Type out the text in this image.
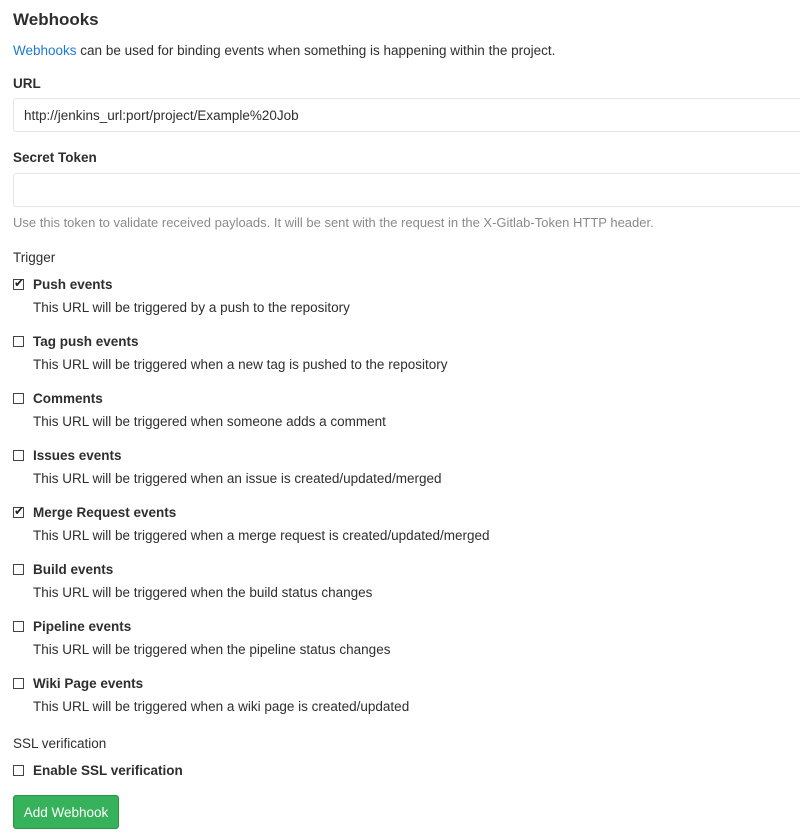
Webhooks
Webhooks can be used for binding events when something is happening within the project.
URL
http://jenkins_url:port/project/Example%20Job
Secret Token
Use this token to validate received payloads. It will be sent with the request in the X-Gitlab-Token HTTP header.
Trigger
✔ Push events
This URL will be triggered by a push to the repository
Tag push events
This URL will be triggered when a new tag is pushed to the repository
Comments
This URL will be triggered when someone adds a comment
Issues events
This URL will be triggered when an issue is created/updated/merged
✔ Merge Request events
This URL will be triggered when a merge request is created/updated/merged
Build events
This URL will be triggered when the build status changes
Pipeline events
This URL will be triggered when the pipeline status changes
Wiki Page events
This URL will be triggered when a wiki page is created/updated
SSL verification
Enable SSL verification
Add Webhook
